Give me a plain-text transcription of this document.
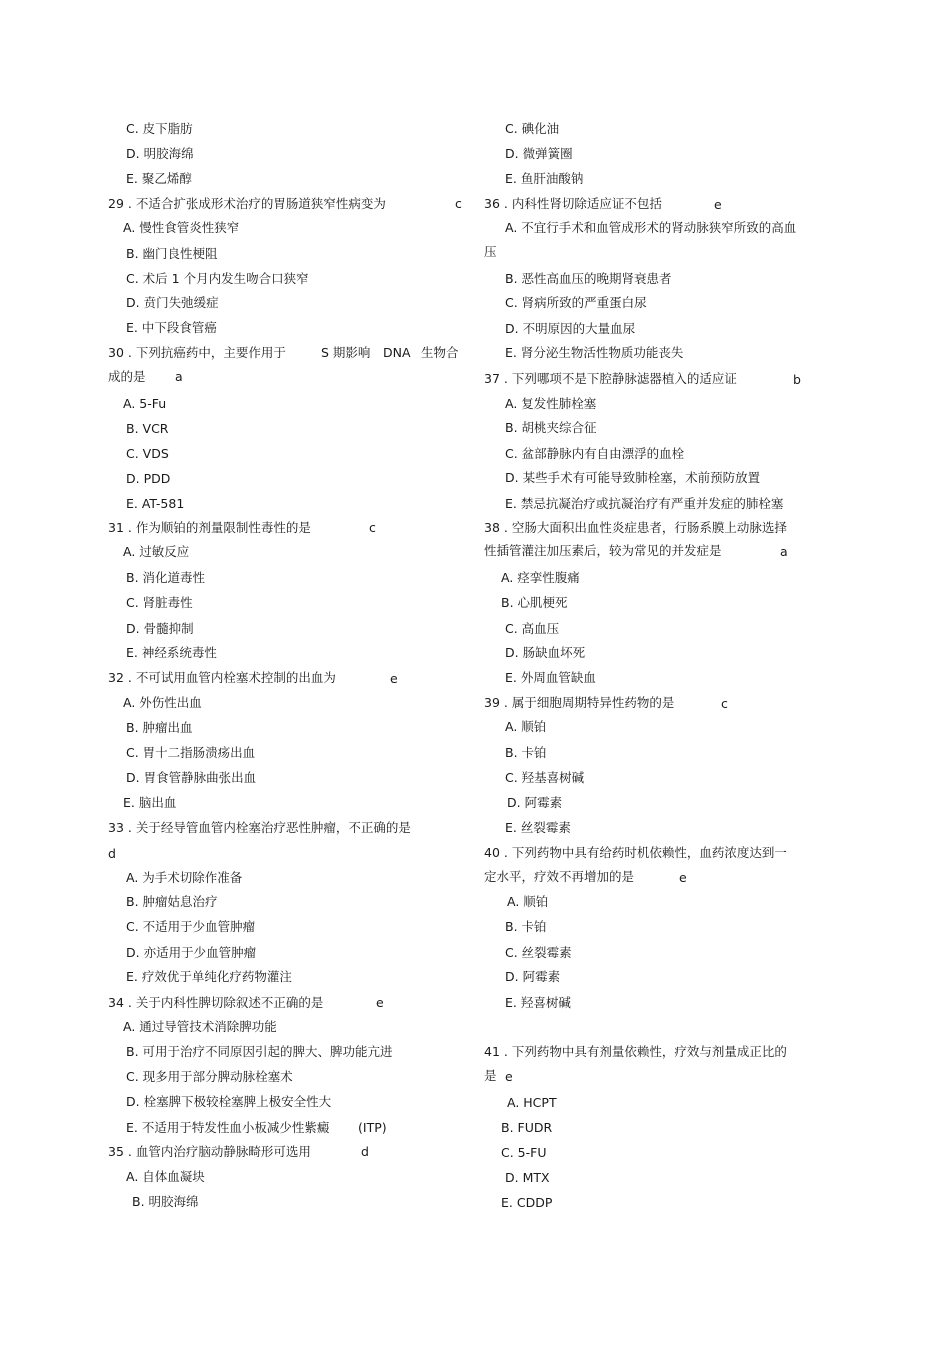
C. 皮下脂肪
D. 明胶海绵
E. 聚乙烯醇
29 . 不适合扩张成形术治疗的胃肠道狭窄性病变为	c
A. 慢性食管炎性狭窄
B. 幽门良性梗阻
C. 术后 1 个月内发生吻合口狭窄
D. 贲门失弛缓症
E. 中下段食管癌
30 . 下列抗癌药中，主要作用于	S 期影响 DNA 生物合
成的是 a
A. 5-Fu
B. VCR
C. VDS
D. PDD
E. AT-581
31 . 作为顺铂的剂量限制性毒性的是	c
A. 过敏反应
B. 消化道毒性
C. 肾脏毒性
D. 骨髓抑制
E. 神经系统毒性
32 . 不可试用血管内栓塞术控制的出血为	e
A. 外伤性出血
B. 肿瘤出血
C. 胃十二指肠溃疡出血
D. 胃食管静脉曲张出血
E. 脑出血
33 . 关于经导管血管内栓塞治疗恶性肿瘤，不正确的是
d
A. 为手术切除作准备
B. 肿瘤姑息治疗
C. 不适用于少血管肿瘤
D. 亦适用于少血管肿瘤
E. 疗效优于单纯化疗药物灌注
34 . 关于内科性脾切除叙述不正确的是	e
A. 通过导管技术消除脾功能
B. 可用于治疗不同原因引起的脾大、脾功能亢进
C. 现多用于部分脾动脉栓塞术
D. 栓塞脾下极较栓塞脾上极安全性大
E. 不适用于特发性血小板减少性紫癜 (ITP)
35 . 血管内治疗脑动静脉畸形可选用	d
A. 自体血凝块
B. 明胶海绵
C. 碘化油
D. 微弹簧圈
E. 鱼肝油酸钠
36 . 内科性肾切除适应证不包括	e
A. 不宜行手术和血管成形术的肾动脉狭窄所致的高血
压
B. 恶性高血压的晚期肾衰患者
C. 肾病所致的严重蛋白尿
D. 不明原因的大量血尿
E. 肾分泌生物活性物质功能丧失
37 . 下列哪项不是下腔静脉滤器植入的适应证	b
A. 复发性肺栓塞
B. 胡桃夹综合征
C. 盆部静脉内有自由漂浮的血栓
D. 某些手术有可能导致肺栓塞，术前预防放置
E. 禁忌抗凝治疗或抗凝治疗有严重并发症的肺栓塞
38 . 空肠大面积出血性炎症患者，行肠系膜上动脉选择
性插管灌注加压素后，较为常见的并发症是	a
A. 痉挛性腹痛
B. 心肌梗死
C. 高血压
D. 肠缺血坏死
E. 外周血管缺血
39 . 属于细胞周期特异性药物的是	c
A. 顺铂
B. 卡铂
C. 羟基喜树碱
D. 阿霉素
E. 丝裂霉素
40 . 下列药物中具有给药时机依赖性，血药浓度达到一
定水平，疗效不再增加的是	e
A. 顺铂
B. 卡铂
C. 丝裂霉素
D. 阿霉素
E. 羟喜树碱
41 . 下列药物中具有剂量依赖性，疗效与剂量成正比的
是 e
A. HCPT
B. FUDR
C. 5-FU
D. MTX
E. CDDP
